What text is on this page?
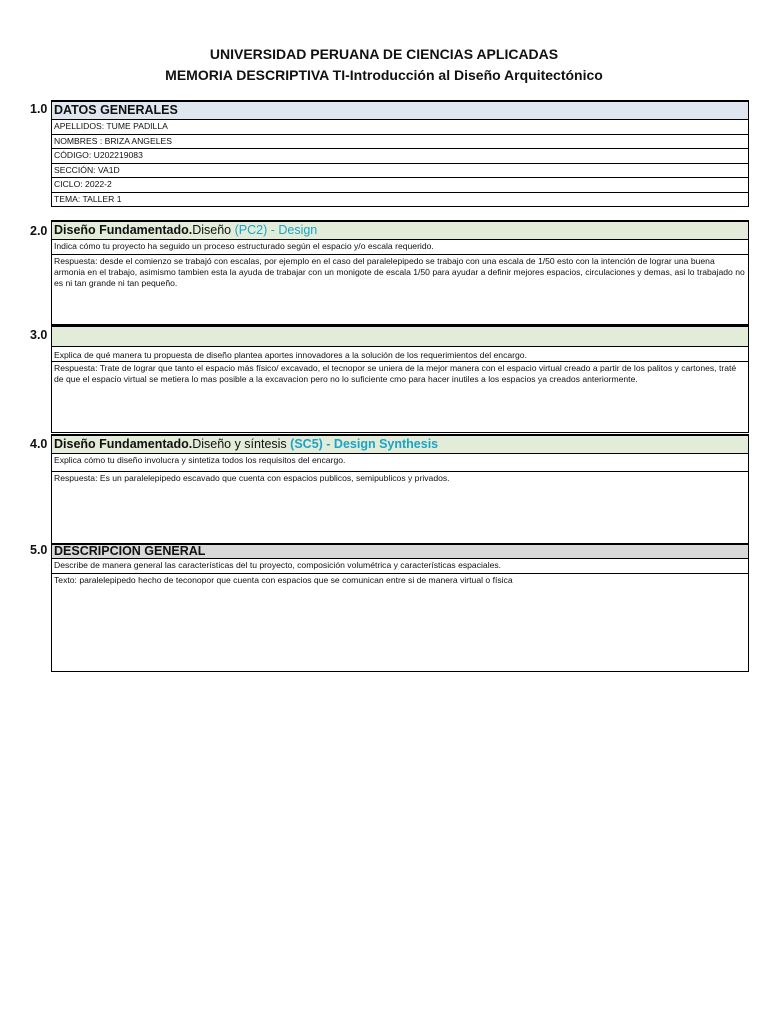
UNIVERSIDAD PERUANA DE CIENCIAS APLICADAS
MEMORIA DESCRIPTIVA TI-Introducción al Diseño Arquitectónico
1.0 DATOS GENERALES
APELLIDOS: TUME PADILLA
NOMBRES : BRIZA ANGELES
CÓDIGO: U202219083
SECCIÓN: VA1D
CICLO: 2022-2
TEMA: TALLER 1
2.0 Diseño Fundamentado.Diseño (PC2) - Design
Indica cómo tu proyecto ha seguido un proceso estructurado según el espacio y/o escala requerido.
Respuesta: desde el comienzo se trabajó con escalas, por ejemplo en el caso del paralelepipedo se trabajo con una escala de 1/50 esto con la intención de lograr una buena armonia en el trabajo, asimismo tambien esta la ayuda de trabajar con un monigote de escala 1/50 para ayudar a definir mejores espacios, circulaciones y demas, asi lo trabajado no es ni tan grande ni tan pequeño.
3.0
Explica de qué manera tu propuesta de diseño plantea aportes innovadores a la solución de los requerimientos del encargo.
Respuesta: Trate de lograr que tanto el espacio más físico/ excavado, el tecnopor se uniera de la mejor manera con el espacio virtual creado a partir de los palitos y cartones, traté de que el espacio virtual se metiera lo mas posible a la excavacion pero no lo suficiente cmo para hacer inutiles a los espacios ya creados anteriormente.
4.0 Diseño Fundamentado.Diseño y síntesis (SC5) - Design Synthesis
Explica cómo tu diseño involucra y sintetiza todos los requisitos del encargo.
Respuesta: Es un paralelepipedo escavado que cuenta con espacios publicos, semipublicos y privados.
5.0 DESCRIPCION GENERAL
Describe de manera general las características del tu proyecto, composición volumétrica y características espaciales.
Texto: paralelepipedo hecho de teconopor que cuenta con espacios que se comunican entre si de manera virtual o física
